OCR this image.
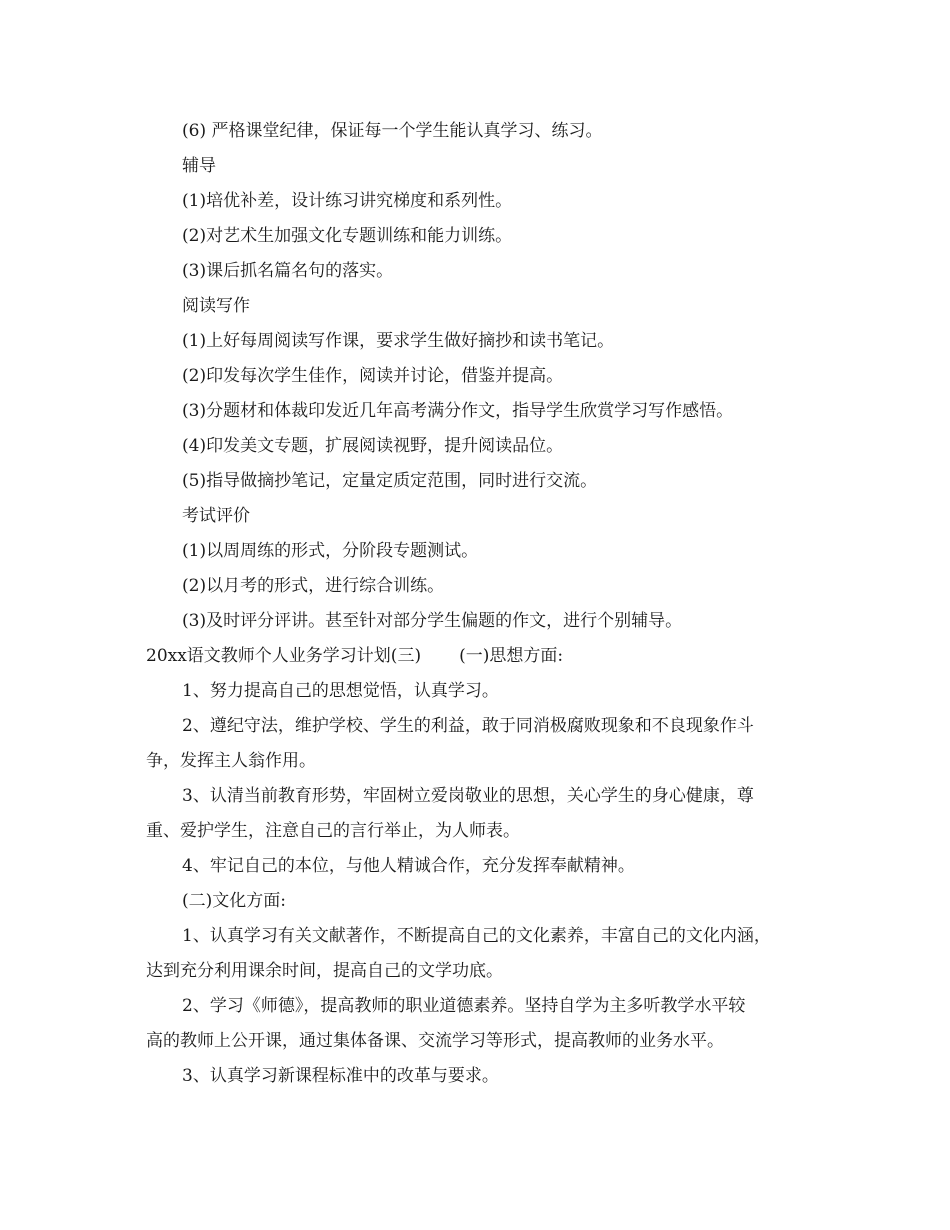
(6) 严格课堂纪律，保证每一个学生能认真学习、练习。
辅导
(1)培优补差，设计练习讲究梯度和系列性。
(2)对艺术生加强文化专题训练和能力训练。
(3)课后抓名篇名句的落实。
阅读写作
(1)上好每周阅读写作课，要求学生做好摘抄和读书笔记。
(2)印发每次学生佳作，阅读并讨论，借鉴并提高。
(3)分题材和体裁印发近几年高考满分作文，指导学生欣赏学习写作感悟。
(4)印发美文专题，扩展阅读视野，提升阅读品位。
(5)指导做摘抄笔记，定量定质定范围，同时进行交流。
考试评价
(1)以周周练的形式，分阶段专题测试。
(2)以月考的形式，进行综合训练。
(3)及时评分评讲。甚至针对部分学生偏题的作文，进行个别辅导。
20xx语文教师个人业务学习计划(三) (一)思想方面:
1、努力提高自己的思想觉悟，认真学习。
2、遵纪守法，维护学校、学生的利益，敢于同消极腐败现象和不良现象作斗
争，发挥主人翁作用。
3、认清当前教育形势，牢固树立爱岗敬业的思想，关心学生的身心健康，尊
重、爱护学生，注意自己的言行举止，为人师表。
4、牢记自己的本位，与他人精诚合作，充分发挥奉献精神。
(二)文化方面:
1、认真学习有关文献著作，不断提高自己的文化素养，丰富自己的文化内涵，
达到充分利用课余时间，提高自己的文学功底。
2、学习《师德》，提高教师的职业道德素养。坚持自学为主多听教学水平较
高的教师上公开课，通过集体备课、交流学习等形式，提高教师的业务水平。
3、认真学习新课程标准中的改革与要求。
